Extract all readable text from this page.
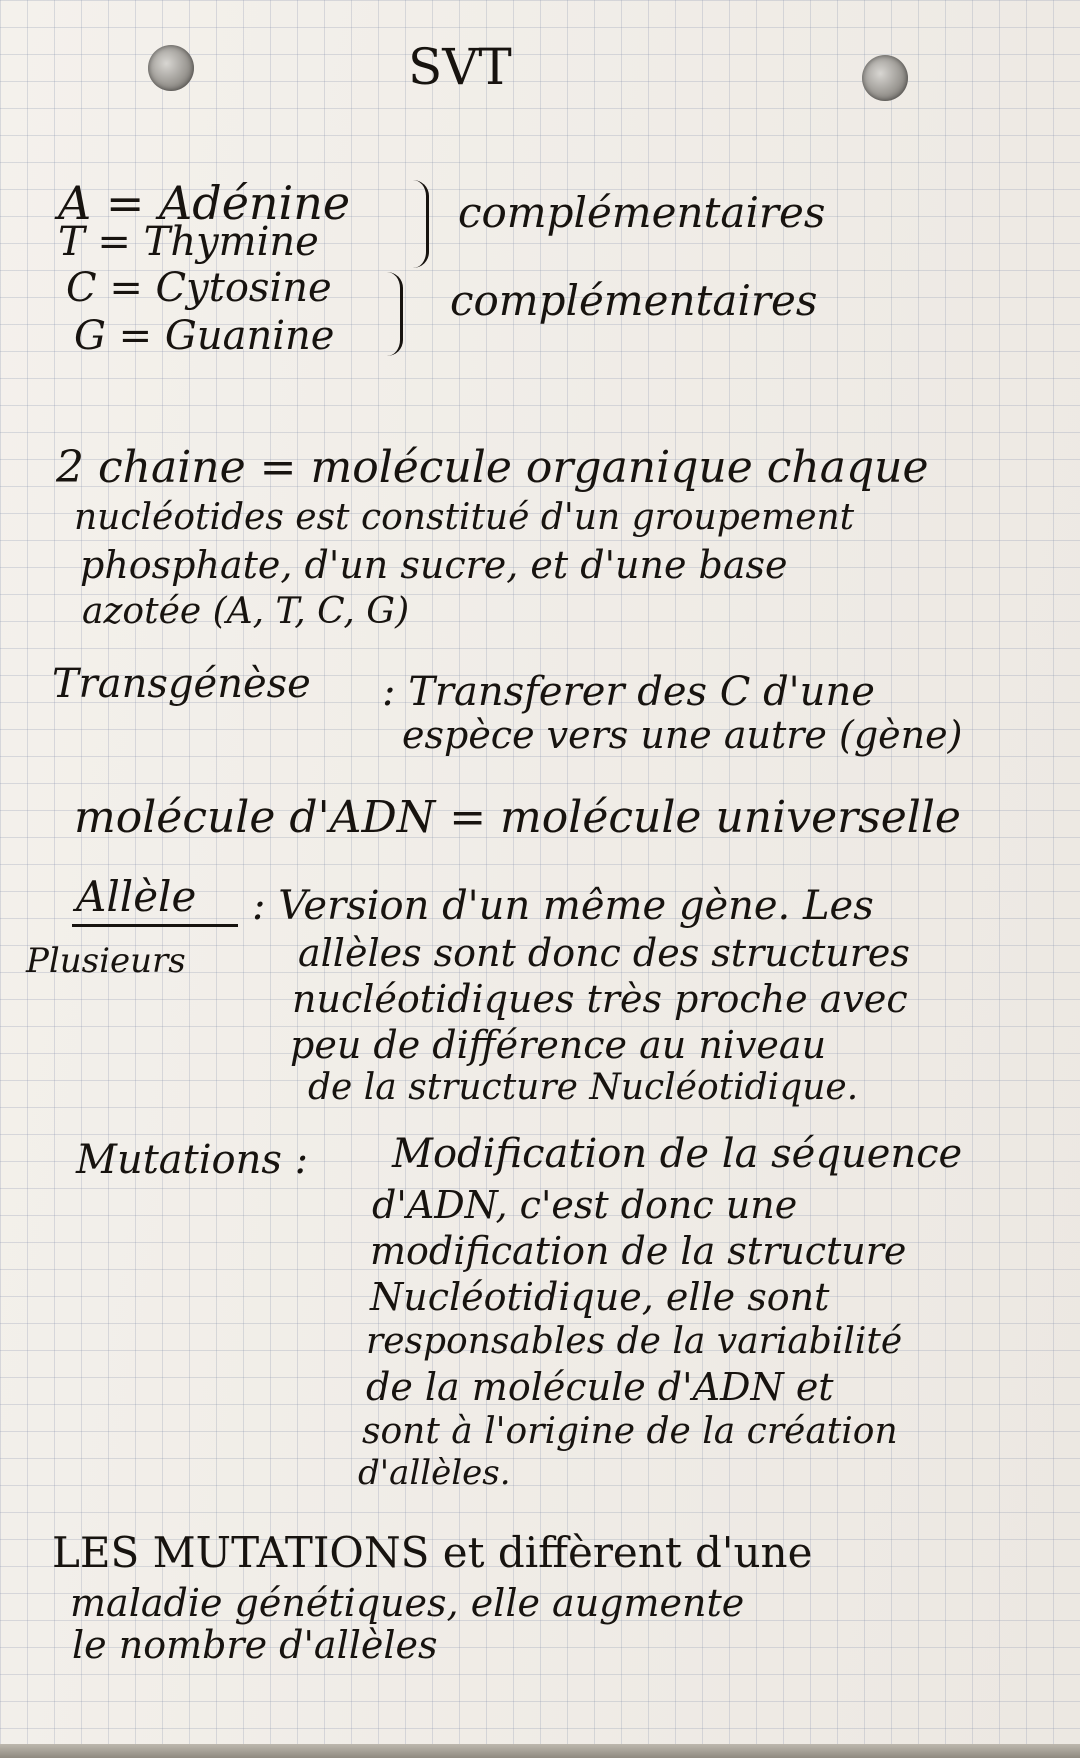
SVT
A = Adénine
T = Thymine
C = Cytosine
G = Guanine
complémentaires
complémentaires
2 chaine = molécule organique chaque
nucléotides est constitué d'un groupement
phosphate, d'un sucre, et d'une base
azotée (A, T, C, G)
Transgénèse : Transferer des C d'une
espèce vers une autre (gène)
molécule d'ADN = molécule universelle
Allèle
Plusieurs
: Version d'un même gène. Les
allèles sont donc des structures
nucléotidiques très proche avec
peu de différence au niveau
de la structure Nucléotidique.
Mutations : Modification de la séquence
d'ADN, c'est donc une
modification de la structure
Nucléotidique, elle sont
responsables de la variabilité
de la molécule d'ADN et
sont à l'origine de la création
d'allèles.
LES MUTATIONS et diffèrent d'une
maladie génétiques, elle augmente
le nombre d'allèles
